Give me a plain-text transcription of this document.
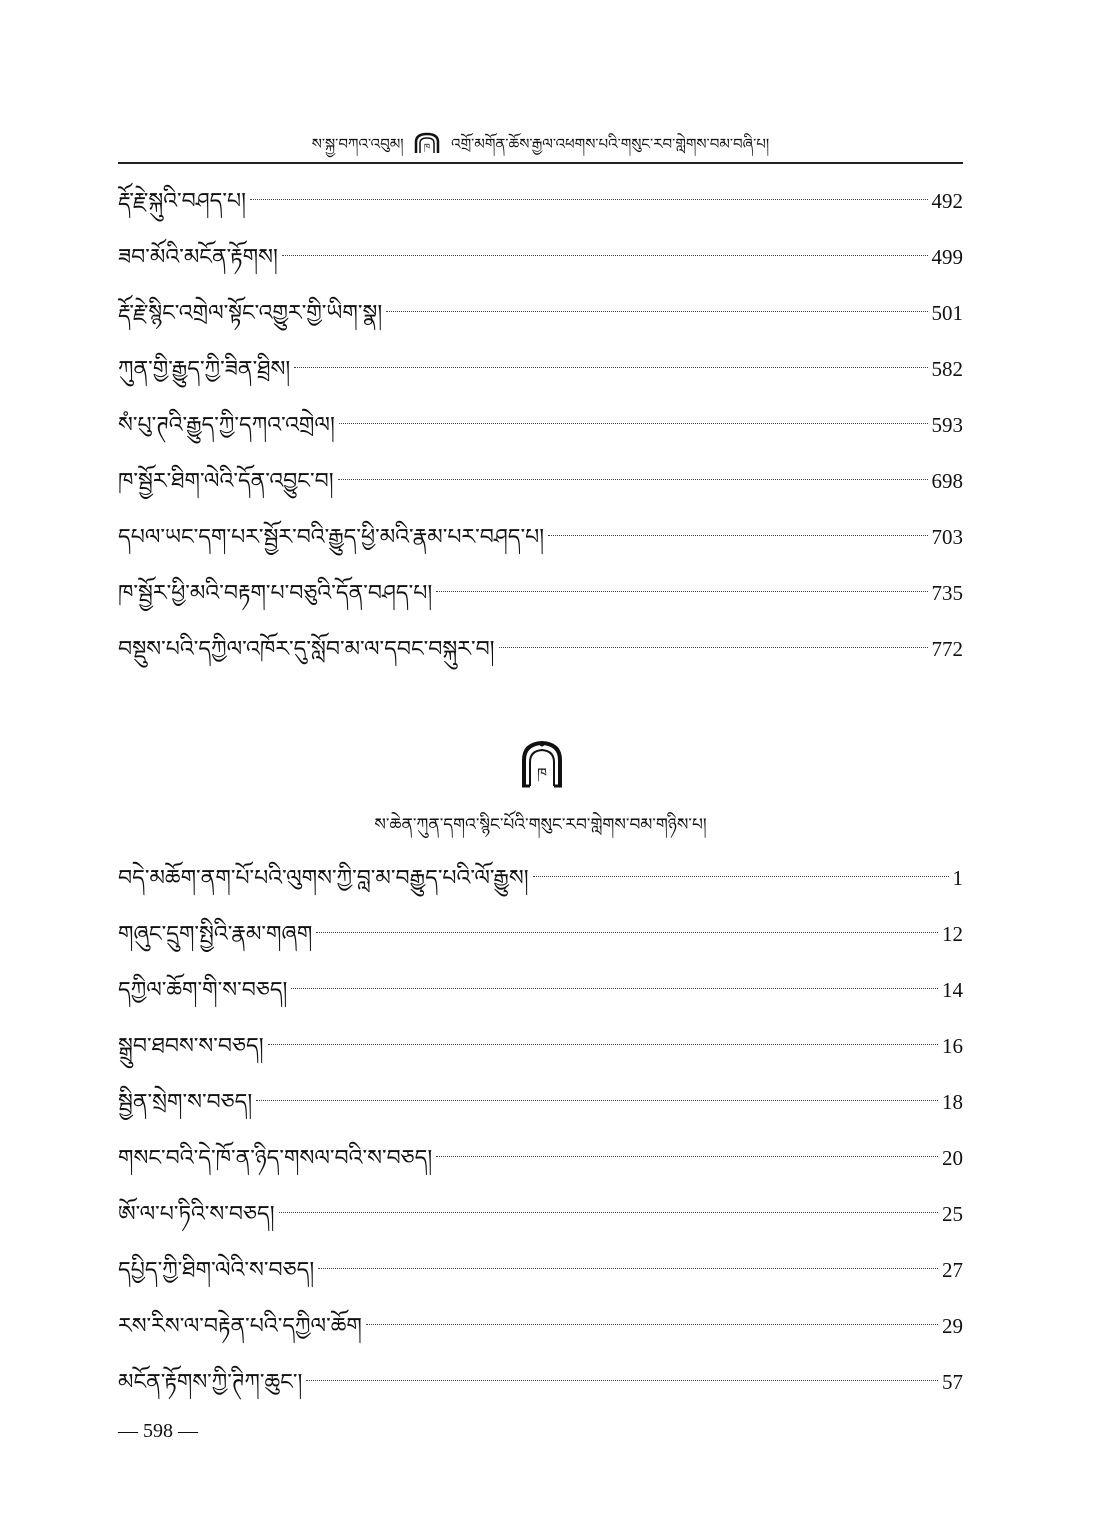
ས་སྐྱ་བཀའ་འབུམ། ཁ འགྲོ་མགོན་ཆོས་རྒྱལ་འཕགས་པའི་གསུང་རབ་གླེགས་བམ་བཞི་པ།
རྡོ་རྗེ་སྐུའི་བཤད་པ།	492
ཟབ་མོའི་མངོན་རྟོགས།	499
རྡོ་རྗེ་སྙིང་འགྲེལ་སྟོང་འགྱུར་གྱི་ཡིག་སྣ།	501
ཀུན་གྱི་རྒྱུད་ཀྱི་ཟིན་ཐྲིས།	582
སཾ་པུ་ཊའི་རྒྱུད་ཀྱི་དཀའ་འགྲེལ།	593
ཁ་སྦྱོར་ཐིག་ལེའི་དོན་འབྱུང་བ།	698
དཔལ་ཡང་དག་པར་སྦྱོར་བའི་རྒྱུད་ཕྱི་མའི་རྣམ་པར་བཤད་པ།	703
ཁ་སྦྱོར་ཕྱི་མའི་བརྟག་པ་བཅུའི་དོན་བཤད་པ།	735
བསྡུས་པའི་དཀྱིལ་འཁོར་དུ་སློབ་མ་ལ་དབང་བསྐུར་བ།	772
ཁ
ས་ཆེན་ཀུན་དགའ་སྙིང་པོའི་གསུང་རབ་གླེགས་བམ་གཉིས་པ།
བདེ་མཆོག་ནག་པོ་པའི་ལུགས་ཀྱི་བླ་མ་བརྒྱུད་པའི་ལོ་རྒྱུས།	1
གཞུང་དྲུག་སྤྱིའི་རྣམ་གཞག	12
དཀྱིལ་ཆོག་གི་ས་བཅད།	14
སྒྲུབ་ཐབས་ས་བཅད།	16
སྦྱིན་སྲེག་ས་བཅད།	18
གསང་བའི་དེ་ཁོ་ན་ཉིད་གསལ་བའི་ས་བཅད།	20
ཨོ་ལ་པ་ཏིའི་ས་བཅད།	25
དཔྱིད་ཀྱི་ཐིག་ལེའི་ས་བཅད།	27
རས་རིས་ལ་བརྟེན་པའི་དཀྱིལ་ཆོག	29
མངོན་རྟོགས་ཀྱི་ཊིཀ་ཆུང་།	57
— 598 —
